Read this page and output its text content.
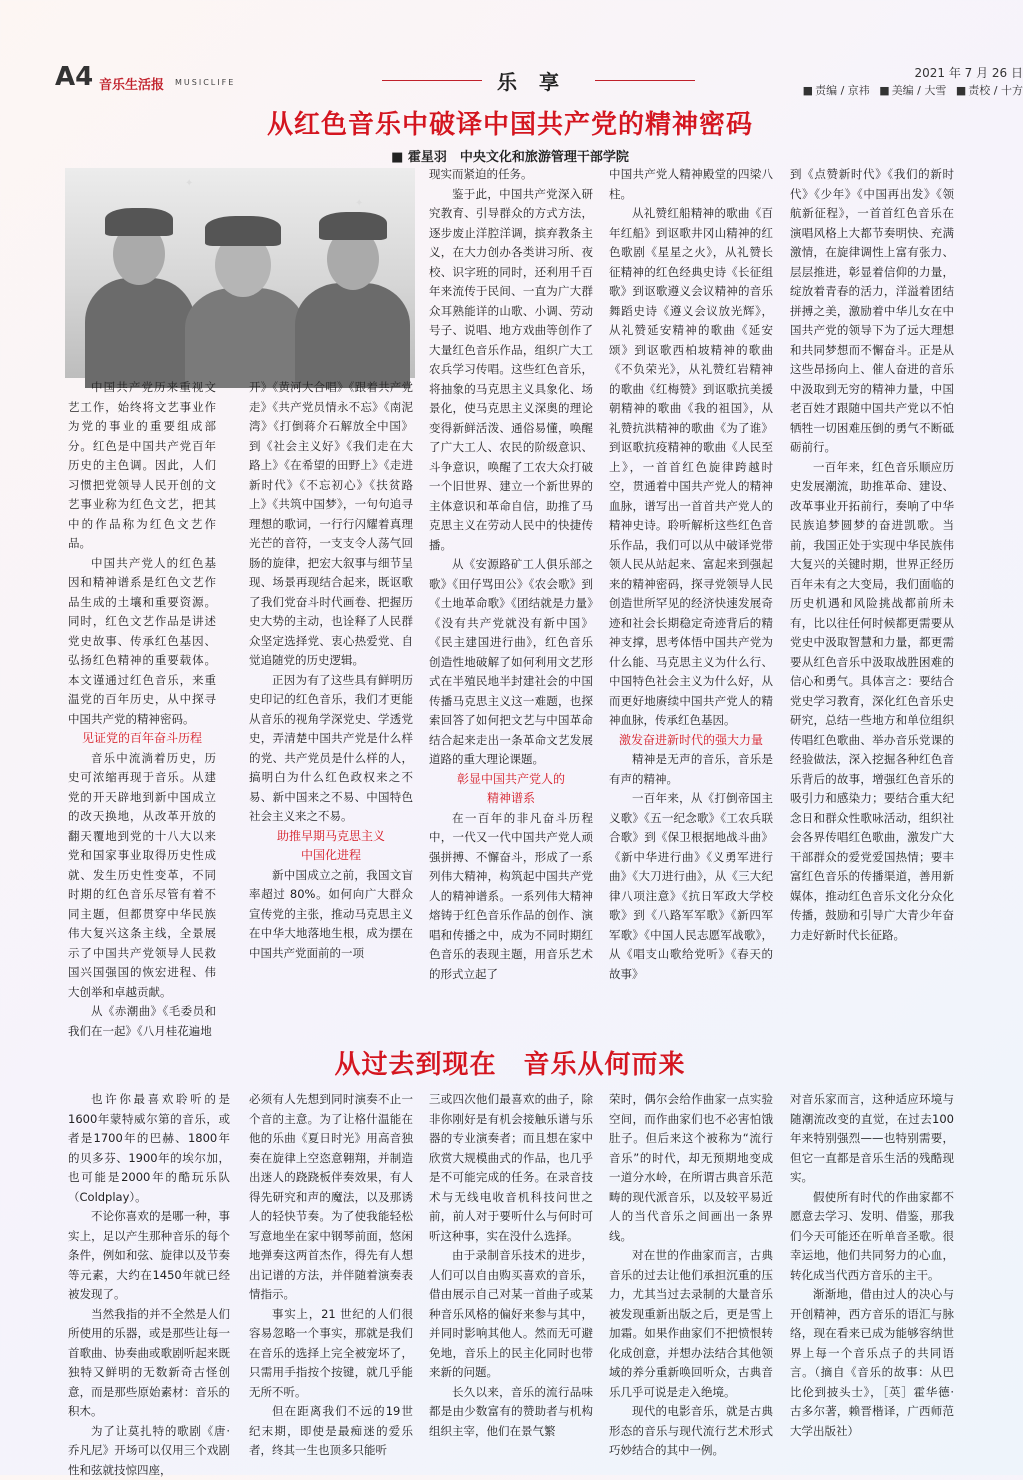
A4 音乐生活报 MUSICLIFE	乐享	2021 年 7 月 26 日
■ 责编 / 京祎 ■ 美编 / 大雪 ■ 责校 / 十方
从红色音乐中破译中国共产党的精神密码
■ 霍星羽　中央文化和旅游管理干部学院
✦
✦

中国共产党历来重视文艺工作，始终将文艺事业作为党的事业的重要组成部分。红色是中国共产党百年历史的主色调。因此，人们习惯把党领导人民开创的文艺事业称为红色文艺，把其中的作品称为红色文艺作品。

中国共产党人的红色基因和精神谱系是红色文艺作品生成的土壤和重要资源。同时，红色文艺作品是讲述党史故事、传承红色基因、弘扬红色精神的重要载体。本文谨通过红色音乐，来重温党的百年历史，从中探寻中国共产党的精神密码。

见证党的百年奋斗历程

音乐中流淌着历史，历史可浓缩再现于音乐。从建党的开天辟地到新中国成立的改天换地，从改革开放的翻天覆地到党的十八大以来党和国家事业取得历史性成就、发生历史性变革，不同时期的红色音乐尽管有着不同主题，但都贯穿中华民族伟大复兴这条主线，全景展示了中国共产党领导人民救国兴国强国的恢宏进程、伟大创举和卓越贡献。

从《赤潮曲》《毛委员和我们在一起》《八月桂花遍地

开》《黄河大合唱》《跟着共产党走》《共产党员情永不忘》《南泥湾》《打倒蒋介石解放全中国》到《社会主义好》《我们走在大路上》《在希望的田野上》《走进新时代》《不忘初心》《扶贫路上》《共筑中国梦》，一句句追寻理想的歌词，一行行闪耀着真理光芒的音符，一支支令人荡气回肠的旋律，把宏大叙事与细节呈现、场景再现结合起来，既讴歌了我们党奋斗时代画卷、把握历史大势的主动，也诠释了人民群众坚定选择党、衷心热爱党、自觉追随党的历史逻辑。

正因为有了这些具有鲜明历史印记的红色音乐，我们才更能从音乐的视角学深党史、学透党史，弄清楚中国共产党是什么样的党、共产党员是什么样的人，搞明白为什么红色政权来之不易、新中国来之不易、中国特色社会主义来之不易。

助推早期马克思主义
中国化进程

新中国成立之前，我国文盲率超过 80%。如何向广大群众宣传党的主张，推动马克思主义在中华大地落地生根，成为摆在中国共产党面前的一项

现实而紧迫的任务。

鉴于此，中国共产党深入研究教育、引导群众的方式方法，逐步废止洋腔洋调，摈弃教条主义，在大力创办各类讲习所、夜校、识字班的同时，还利用千百年来流传于民间、一直为广大群众耳熟能详的山歌、小调、劳动号子、说唱、地方戏曲等创作了大量红色音乐作品，组织广大工农兵学习传唱。这些红色音乐，将抽象的马克思主义具象化、场景化，使马克思主义深奥的理论变得新鲜活泼、通俗易懂，唤醒了广大工人、农民的阶级意识、斗争意识，唤醒了工农大众打破一个旧世界、建立一个新世界的主体意识和革命自信，助推了马克思主义在劳动人民中的快捷传播。

从《安源路矿工人俱乐部之歌》《田仔骂田公》《农会歌》到《土地革命歌》《团结就是力量》《没有共产党就没有新中国》《民主建国进行曲》，红色音乐创造性地破解了如何利用文艺形式在半殖民地半封建社会的中国传播马克思主义这一难题，也探索回答了如何把文艺与中国革命结合起来走出一条革命文艺发展道路的重大理论课题。

彰显中国共产党人的
精神谱系

在一百年的非凡奋斗历程中，一代又一代中国共产党人顽强拼搏、不懈奋斗，形成了一系列伟大精神，构筑起中国共产党人的精神谱系。一系列伟大精神熔铸于红色音乐作品的创作、演唱和传播之中，成为不同时期红色音乐的表现主题，用音乐艺术的形式立起了

中国共产党人精神殿堂的四梁八柱。

从礼赞红船精神的歌曲《百年红船》到讴歌井冈山精神的红色歌剧《星星之火》，从礼赞长征精神的红色经典史诗《长征组歌》到讴歌遵义会议精神的音乐舞蹈史诗《遵义会议放光辉》，从礼赞延安精神的歌曲《延安颂》到讴歌西柏坡精神的歌曲《不负荣光》，从礼赞红岩精神的歌曲《红梅赞》到讴歌抗美援朝精神的歌曲《我的祖国》，从礼赞抗洪精神的歌曲《为了谁》到讴歌抗疫精神的歌曲《人民至上》，一首首红色旋律跨越时空，贯通着中国共产党人的精神血脉，谱写出一首首共产党人的精神史诗。聆听解析这些红色音乐作品，我们可以从中破译党带领人民从站起来、富起来到强起来的精神密码，探寻党领导人民创造世所罕见的经济快速发展奇迹和社会长期稳定奇迹背后的精神支撑，思考体悟中国共产党为什么能、马克思主义为什么行、中国特色社会主义为什么好，从而更好地赓续中国共产党人的精神血脉，传承红色基因。

激发奋进新时代的强大力量

精神是无声的音乐，音乐是有声的精神。

一百年来，从《打倒帝国主义歌》《五一纪念歌》《工农兵联合歌》到《保卫根据地战斗曲》《新中华进行曲》《义勇军进行曲》《大刀进行曲》，从《三大纪律八项注意》《抗日军政大学校歌》到《八路军军歌》《新四军军歌》《中国人民志愿军战歌》，从《唱支山歌给党听》《春天的故事》

到《点赞新时代》《我们的新时代》《少年》《中国再出发》《领航新征程》，一首首红色音乐在演唱风格上大都节奏明快、充满激情，在旋律调性上富有张力、层层推进，彰显着信仰的力量，绽放着青春的活力，洋溢着团结拼搏之美，激励着中华儿女在中国共产党的领导下为了远大理想和共同梦想而不懈奋斗。正是从这些昂扬向上、催人奋进的音乐中汲取到无穷的精神力量，中国老百姓才跟随中国共产党以不怕牺牲一切困难压倒的勇气不断砥砺前行。

一百年来，红色音乐顺应历史发展潮流，助推革命、建设、改革事业开拓前行，奏响了中华民族追梦圆梦的奋进凯歌。当前，我国正处于实现中华民族伟大复兴的关键时期，世界正经历百年未有之大变局，我们面临的历史机遇和风险挑战都前所未有，比以往任何时候都更需要从党史中汲取智慧和力量，都更需要从红色音乐中汲取战胜困难的信心和勇气。具体言之：要结合党史学习教育，深化红色音乐史研究，总结一些地方和单位组织传唱红色歌曲、举办音乐党课的经验做法，深入挖掘各种红色音乐背后的故事，增强红色音乐的吸引力和感染力；要结合重大纪念日和群众性歌咏活动，组织社会各界传唱红色歌曲，激发广大干部群众的爱党爱国热情；要丰富红色音乐的传播渠道，善用新媒体，推动红色音乐文化分众化传播，鼓励和引导广大青少年奋力走好新时代长征路。

从过去到现在　音乐从何而来

也许你最喜欢聆听的是1600年蒙特威尔第的音乐，或者是1700年的巴赫、1800年的贝多芬、1900年的埃尔加，也可能是2000年的酷玩乐队（Coldplay）。

不论你喜欢的是哪一种，事实上，足以产生那种音乐的每个条件，例如和弦、旋律以及节奏等元素，大约在1450年就已经被发现了。

当然我指的并不全然是人们所使用的乐器，或是那些让每一首歌曲、协奏曲或歌剧听起来既独特又鲜明的无数新奇古怪创意，而是那些原始素材：音乐的积木。

为了让莫扎特的歌剧《唐·乔凡尼》开场可以仅用三个戏剧性和弦就技惊四座，

必须有人先想到同时演奏不止一个音的主意。为了让格什温能在他的乐曲《夏日时光》用高音独奏在旋律上空恣意翱翔，并制造出迷人的跷跷板伴奏效果，有人得先研究和声的魔法，以及那诱人的轻快节奏。为了使我能轻松写意地坐在家中钢琴前面，悠闲地弹奏这两首杰作，得先有人想出记谱的方法，并伴随着演奏表情指示。

事实上，21 世纪的人们很容易忽略一个事实，那就是我们在音乐的选择上完全被宠坏了，只需用手指按个按键，就几乎能无所不听。

但在距离我们不远的19世纪末期，即使是最痴迷的爱乐者，终其一生也顶多只能听

三或四次他们最喜欢的曲子，除非你刚好是有机会接触乐谱与乐器的专业演奏者；而且想在家中欣赏大规模曲式的作品，也几乎是不可能完成的任务。在录音技术与无线电收音机科技问世之前，前人对于要听什么与何时可听这种事，实在没什么选择。

由于录制音乐技术的进步，人们可以自由购买喜欢的音乐，借由展示自己对某一首曲子或某种音乐风格的偏好来参与其中，并同时影响其他人。然而无可避免地，音乐上的民主化同时也带来新的问题。

长久以来，音乐的流行品味都是由少数富有的赞助者与机构组织主宰，他们在景气繁

荣时，偶尔会给作曲家一点实验空间，而作曲家们也不必害怕饿肚子。但后来这个被称为“流行音乐”的时代，却无预期地变成一道分水岭，在所谓古典音乐范畴的现代派音乐，以及较平易近人的当代音乐之间画出一条界线。

对在世的作曲家而言，古典音乐的过去让他们承担沉重的压力，尤其当过去录制的大量音乐被发现重新出版之后，更是雪上加霜。如果作曲家们不把愤恨转化成创意，并想办法结合其他领域的养分重新唤回听众，古典音乐几乎可说是走入绝境。

现代的电影音乐，就是古典形态的音乐与现代流行艺术形式巧妙结合的其中一例。

对音乐家而言，这种适应环境与随潮流改变的直觉，在过去100年来特别强烈——也特别需要，但它一直都是音乐生活的残酷现实。

假使所有时代的作曲家都不愿意去学习、发明、借鉴，那我们今天可能还在听单音圣歌。很幸运地，他们共同努力的心血，转化成当代西方音乐的主干。

渐渐地，借由过人的决心与开创精神，西方音乐的语汇与脉络，现在看来已成为能够容纳世界上每一个音乐点子的共同语言。（摘自《音乐的故事：从巴比伦到披头士》，［英］霍华德·古多尔著，赖晋楷译，广西师范大学出版社）
